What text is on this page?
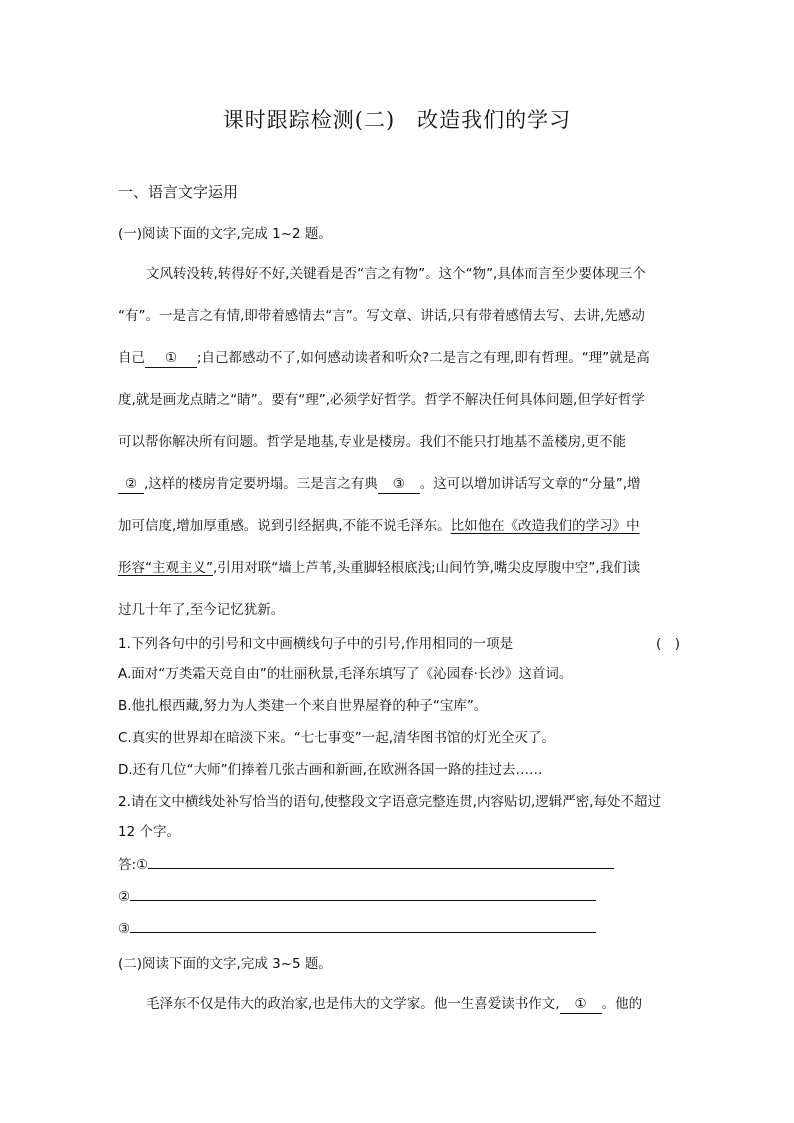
课时跟踪检测(二)　改造我们的学习
一、语言文字运用
(一)阅读下面的文字,完成 1~2 题。
文风转没转,转得好不好,关键看是否“言之有物”。这个“物”,具体而言至少要体现三个
“有”。一是言之有情,即带着感情去“言”。写文章、讲话,只有带着感情去写、去讲,先感动
自己 ① ;自己都感动不了,如何感动读者和听众?二是言之有理,即有哲理。“理”就是高
度,就是画龙点睛之“睛”。要有“理”,必须学好哲学。哲学不解决任何具体问题,但学好哲学
可以帮你解决所有问题。哲学是地基,专业是楼房。我们不能只打地基不盖楼房,更不能
② ,这样的楼房肯定要坍塌。三是言之有典 ③ 。这可以增加讲话写文章的“分量”,增
加可信度,增加厚重感。说到引经据典,不能不说毛泽东。比如他在《改造我们的学习》中
形容“主观主义”,引用对联“墙上芦苇,头重脚轻根底浅;山间竹笋,嘴尖皮厚腹中空”,我们读
过几十年了,至今记忆犹新。
1.下列各句中的引号和文中画横线句子中的引号,作用相同的一项是	(　)
A.面对“万类霜天竞自由”的壮丽秋景,毛泽东填写了《沁园春·长沙》这首词。
B.他扎根西藏,努力为人类建一个来自世界屋脊的种子“宝库”。
C.真实的世界却在暗淡下来。“七七事变”一起,清华图书馆的灯光全灭了。
D.还有几位“大师”们捧着几张古画和新画,在欧洲各国一路的挂过去……
2.请在文中横线处补写恰当的语句,使整段文字语意完整连贯,内容贴切,逻辑严密,每处不超过
12 个字。
答:①
②
③
(二)阅读下面的文字,完成 3~5 题。
毛泽东不仅是伟大的政治家,也是伟大的文学家。他一生喜爱读书作文, ① 。他的
